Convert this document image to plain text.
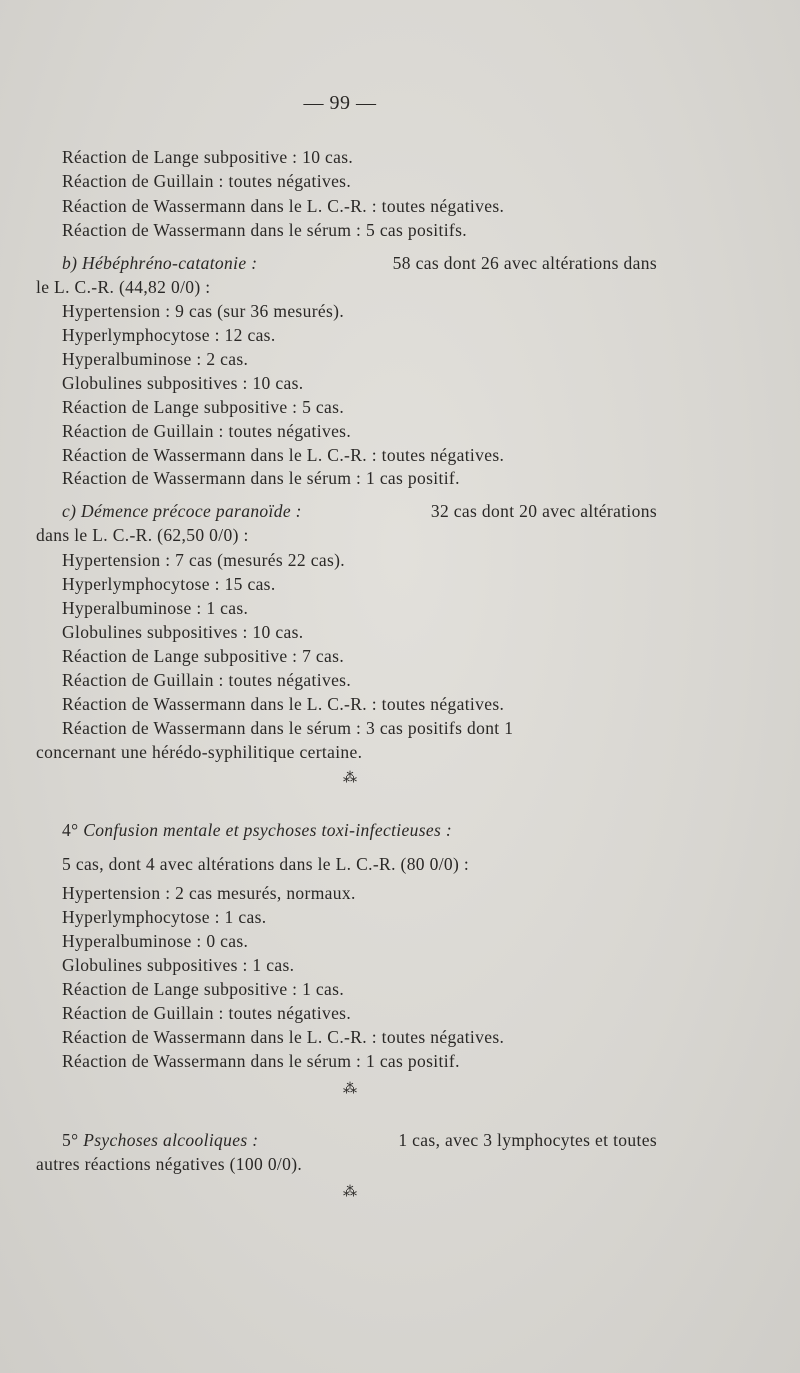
— 99 —
Réaction de Lange subpositive : 10 cas.
Réaction de Guillain : toutes négatives.
Réaction de Wassermann dans le L. C.-R. : toutes négatives.
Réaction de Wassermann dans le sérum : 5 cas positifs.
b) Hébéphréno-catatonie :	58 cas dont 26 avec altérations dans
le L. C.-R. (44,82 0/0) :
Hypertension : 9 cas (sur 36 mesurés).
Hyperlymphocytose : 12 cas.
Hyperalbuminose : 2 cas.
Globulines subpositives : 10 cas.
Réaction de Lange subpositive : 5 cas.
Réaction de Guillain : toutes négatives.
Réaction de Wassermann dans le L. C.-R. : toutes négatives.
Réaction de Wassermann dans le sérum : 1 cas positif.
c) Démence précoce paranoïde :	32 cas dont 20 avec altérations
dans le L. C.-R. (62,50 0/0) :
Hypertension : 7 cas (mesurés 22 cas).
Hyperlymphocytose : 15 cas.
Hyperalbuminose : 1 cas.
Globulines subpositives : 10 cas.
Réaction de Lange subpositive : 7 cas.
Réaction de Guillain : toutes négatives.
Réaction de Wassermann dans le L. C.-R. : toutes négatives.
Réaction de Wassermann dans le sérum : 3 cas positifs dont 1
concernant une hérédo-syphilitique certaine.
⁂
4° Confusion mentale et psychoses toxi-infectieuses :
5 cas, dont 4 avec altérations dans le L. C.-R. (80 0/0) :
Hypertension : 2 cas mesurés, normaux.
Hyperlymphocytose : 1 cas.
Hyperalbuminose : 0 cas.
Globulines subpositives : 1 cas.
Réaction de Lange subpositive : 1 cas.
Réaction de Guillain : toutes négatives.
Réaction de Wassermann dans le L. C.-R. : toutes négatives.
Réaction de Wassermann dans le sérum : 1 cas positif.
⁂
5° Psychoses alcooliques :	1 cas, avec 3 lymphocytes et toutes
autres réactions négatives (100 0/0).
⁂
